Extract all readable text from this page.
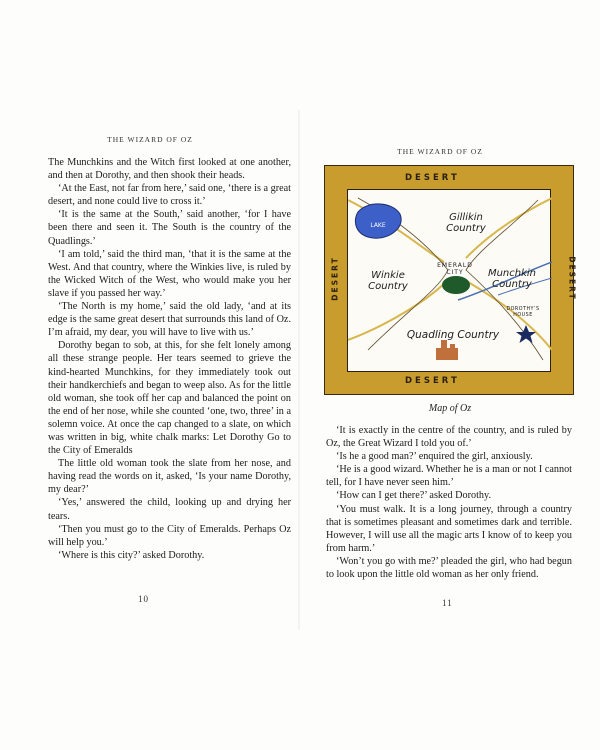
THE WIZARD OF OZ

The Munchkins and the Witch first looked at one another, and then at Dorothy, and then shook their heads.

‘At the East, not far from here,’ said one, ‘there is a great desert, and none could live to cross it.’

‘It is the same at the South,’ said another, ‘for I have been there and seen it. The South is the country of the Quadlings.’

‘I am told,’ said the third man, ‘that it is the same at the West. And that country, where the Winkies live, is ruled by the Wicked Witch of the West, who would make you her slave if you passed her way.’

‘The North is my home,’ said the old lady, ‘and at its edge is the same great desert that surrounds this land of Oz. I’m afraid, my dear, you will have to live with us.’

Dorothy began to sob, at this, for she felt lonely among all these strange people. Her tears seemed to grieve the kind-hearted Munchkins, for they immediately took out their handkerchiefs and began to weep also. As for the little old woman, she took off her cap and balanced the point on the end of her nose, while she counted ‘one, two, three’ in a solemn voice. At once the cap changed to a slate, on which was written in big, white chalk marks: Let Dorothy Go to the City of Emeralds

The little old woman took the slate from her nose, and having read the words on it, asked, ‘Is your name Dorothy, my dear?’

‘Yes,’ answered the child, looking up and drying her tears.

‘Then you must go to the City of Emeralds. Perhaps Oz will help you.’

‘Where is this city?’ asked Dorothy.

10
THE WIZARD OF OZ
DESERT
DESERT
DESERT	DESERT
LAKE
Gillikin Country
Winkie Country
EMERALD CITY	Munchkin Country
DOROTHY’S HOUSE
Quadling Country
Map of Oz

‘It is exactly in the centre of the country, and is ruled by Oz, the Great Wizard I told you of.’

‘Is he a good man?’ enquired the girl, anxiously.

‘He is a good wizard. Whether he is a man or not I cannot tell, for I have never seen him.’

‘How can I get there?’ asked Dorothy.

‘You must walk. It is a long journey, through a country that is sometimes pleasant and sometimes dark and terrible. However, I will use all the magic arts I know of to keep you from harm.’

‘Won’t you go with me?’ pleaded the girl, who had begun to look upon the little old woman as her only friend.

11
